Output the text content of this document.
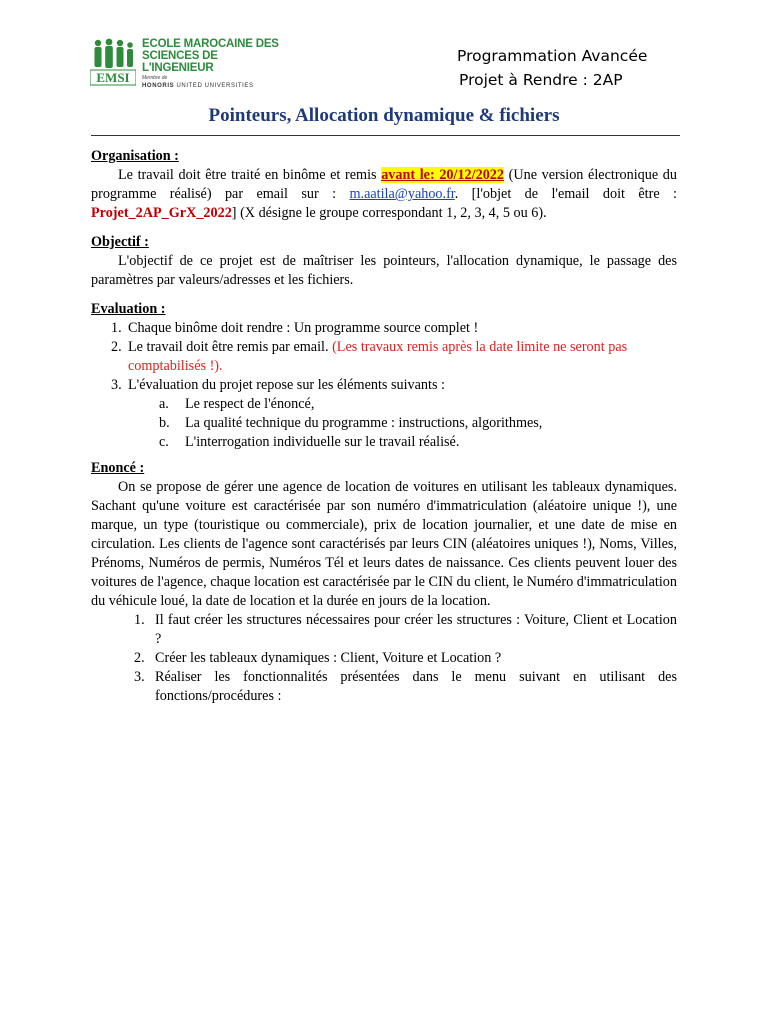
EMSI
ECOLE MAROCAINE DES
SCIENCES DE L'INGENIEUR
Membre de
HONORIS UNITED UNIVERSITIES
Programmation Avancée
Projet à Rendre : 2AP
Pointeurs, Allocation dynamique & fichiers
Organisation :

Le travail doit être traité en binôme et remis avant le: 20/12/2022 (Une version électronique du programme réalisé) par email sur : m.aatila@yahoo.fr. [l'objet de l'email doit être : Projet_2AP_GrX_2022] (X désigne le groupe correspondant 1, 2, 3, 4, 5 ou 6).

Objectif :

L'objectif de ce projet est de maîtriser les pointeurs, l'allocation dynamique, le passage des paramètres par valeurs/adresses et les fichiers.

Evaluation :
1. Chaque binôme doit rendre : Un programme source complet !
2. Le travail doit être remis par email. (Les travaux remis après la date limite ne seront pas comptabilisés !).
3. L'évaluation du projet repose sur les éléments suivants :
a. Le respect de l'énoncé,
b. La qualité technique du programme : instructions, algorithmes,
c. L'interrogation individuelle sur le travail réalisé.
Enoncé :

On se propose de gérer une agence de location de voitures en utilisant les tableaux dynamiques. Sachant qu'une voiture est caractérisée par son numéro d'immatriculation (aléatoire unique !), une marque, un type (touristique ou commerciale), prix de location journalier, et une date de mise en circulation. Les clients de l'agence sont caractérisés par leurs CIN (aléatoires uniques !), Noms, Villes, Prénoms, Numéros de permis, Numéros Tél et leurs dates de naissance. Ces clients peuvent louer des voitures de l'agence, chaque location est caractérisée par le CIN du client, le Numéro d'immatriculation du véhicule loué, la date de location et la durée en jours de la location.

1. Il faut créer les structures nécessaires pour créer les structures : Voiture, Client et Location ?
2. Créer les tableaux dynamiques : Client, Voiture et Location ?
3. Réaliser les fonctionnalités présentées dans le menu suivant en utilisant des fonctions/procédures :
